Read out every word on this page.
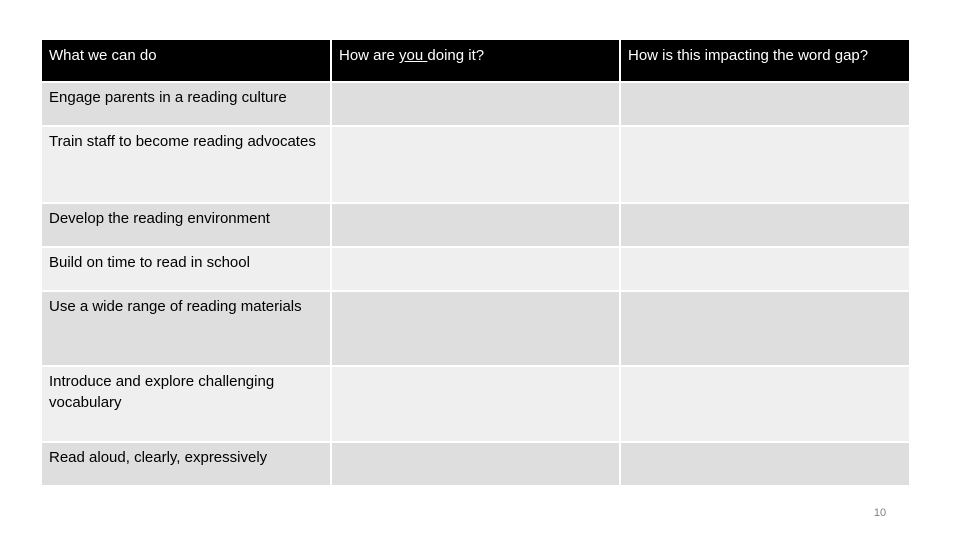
What we can do	How are you doing it?	How is this impacting the word gap?
Engage parents in a reading culture		
Train staff to become reading advocates		
Develop the reading environment		
Build on time to read in school		
Use a wide range of reading materials		
Introduce and explore challenging vocabulary		
Read aloud, clearly, expressively		
10
